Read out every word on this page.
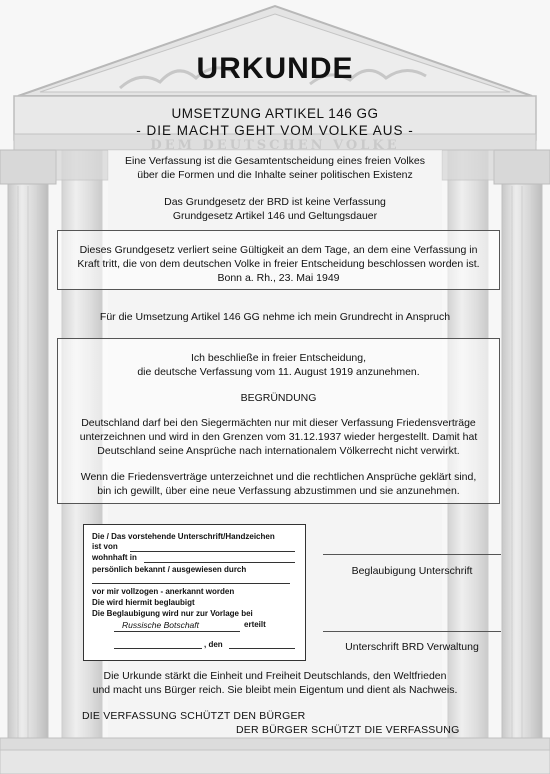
URKUNDE
UMSETZUNG ARTIKEL 146 GG
- DIE MACHT GEHT VOM VOLKE AUS -
DEM DEUTSCHEN VOLKE
Eine Verfassung ist die Gesamtentscheidung eines freien Volkes
über die Formen und die Inhalte seiner politischen Existenz
Das Grundgesetz der BRD ist keine Verfassung
Grundgesetz Artikel 146 und Geltungsdauer
Dieses Grundgesetz verliert seine Gültigkeit an dem Tage, an dem eine Verfassung in
Kraft tritt, die von dem deutschen Volke in freier Entscheidung beschlossen worden ist.
Bonn a. Rh., 23. Mai 1949
Für die Umsetzung Artikel 146 GG nehme ich mein Grundrecht in Anspruch
Ich beschließe in freier Entscheidung,
die deutsche Verfassung vom 11. August 1919 anzunehmen.
BEGRÜNDUNG
Deutschland darf bei den Siegermächten nur mit dieser Verfassung Friedensverträge
unterzeichnen und wird in den Grenzen vom 31.12.1937 wieder hergestellt. Damit hat
Deutschland seine Ansprüche nach internationalem Völkerrecht nicht verwirkt.
Wenn die Friedensverträge unterzeichnet und die rechtlichen Ansprüche geklärt sind,
bin ich gewillt, über eine neue Verfassung abzustimmen und sie anzunehmen.
Die / Das vorstehende Unterschrift/Handzeichen
ist von
wohnhaft in
persönlich bekannt / ausgewiesen durch
vor mir vollzogen - anerkannt worden
Die wird hiermit beglaubigt
Die Beglaubigung wird nur zur Vorlage bei
Russische Botschaft	erteilt
, den
Beglaubigung Unterschrift
Unterschrift BRD Verwaltung
Die Urkunde stärkt die Einheit und Freiheit Deutschlands, den Weltfrieden
und macht uns Bürger reich. Sie bleibt mein Eigentum und dient als Nachweis.
DIE VERFASSUNG SCHÜTZT DEN BÜRGER
DER BÜRGER SCHÜTZT DIE VERFASSUNG
